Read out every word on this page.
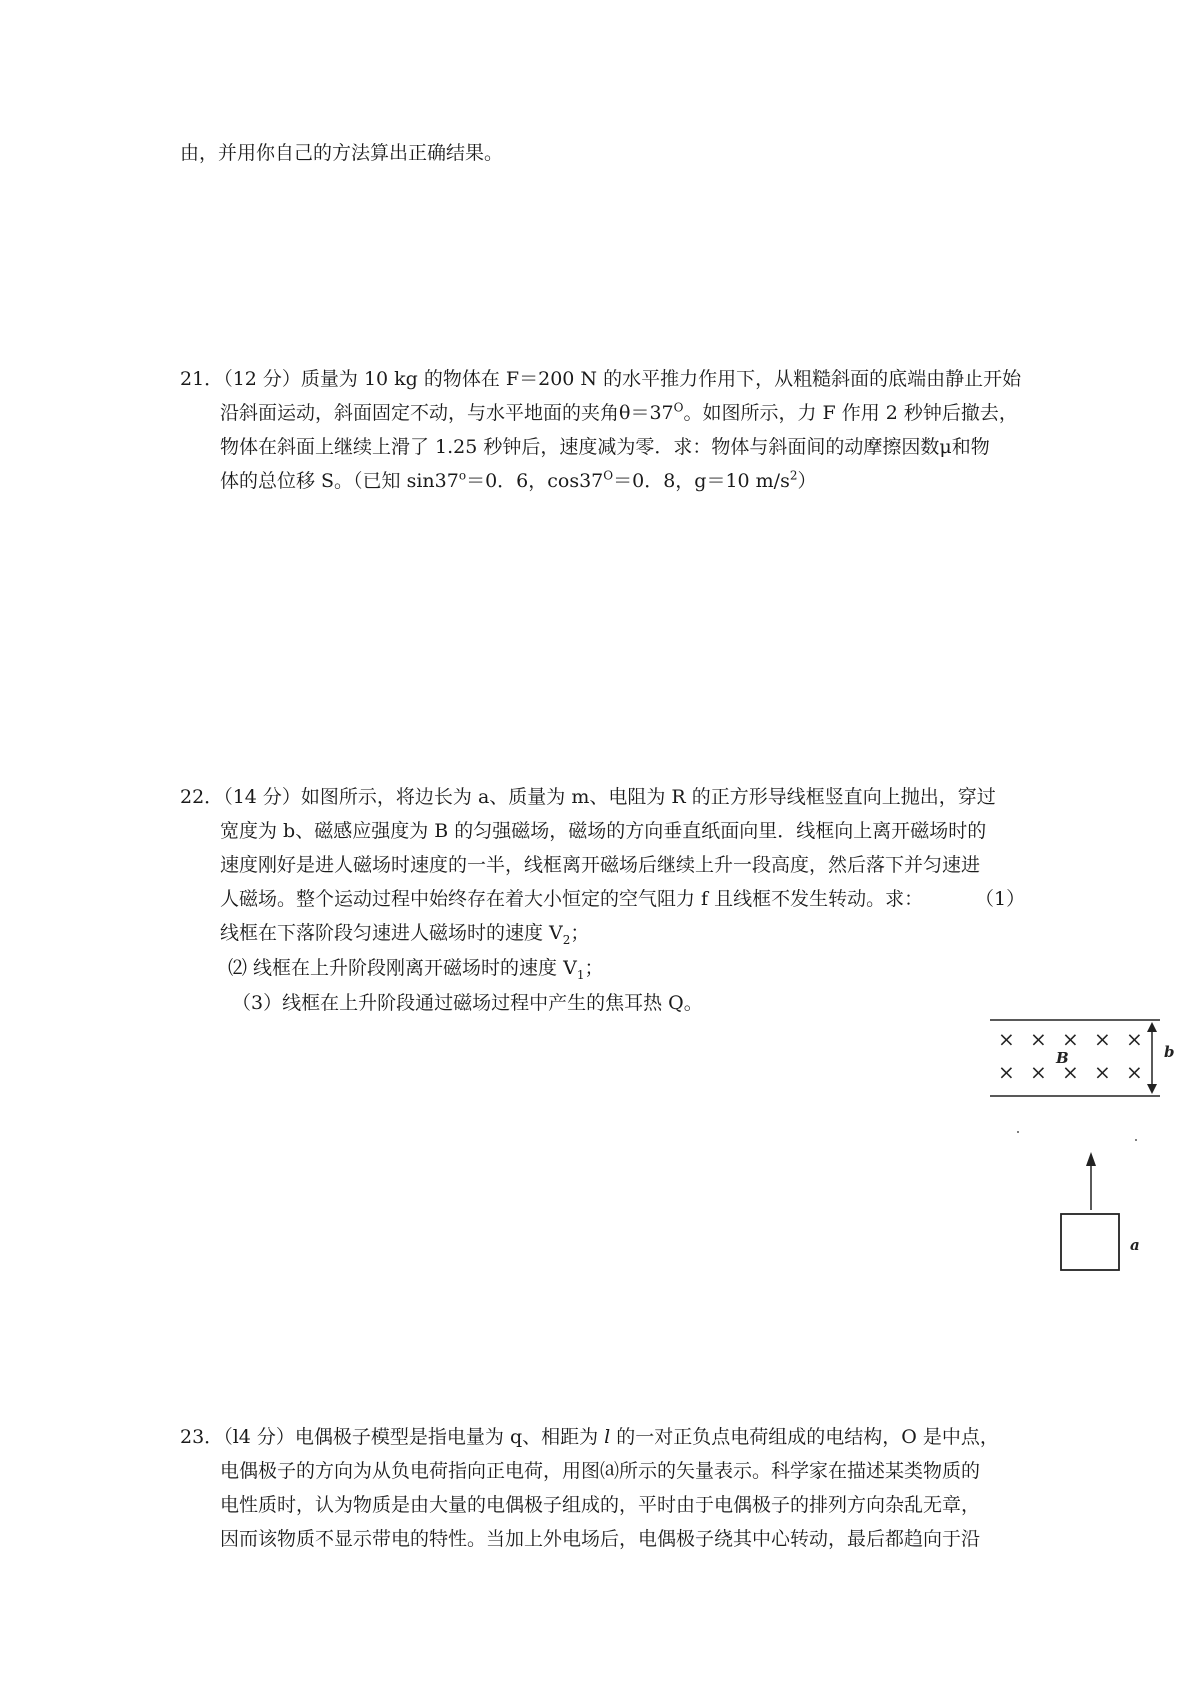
由，并用你自己的方法算出正确结果。

21．（12 分）质量为 10 kg 的物体在 F＝200 N 的水平推力作用下，从粗糙斜面的底端由静止开始

沿斜面运动，斜面固定不动，与水平地面的夹角$\theta=37^O$。如图所示，力 F 作用 2 秒钟后撤去，

物体在斜面上继续上滑了 1.25 秒钟后，速度减为零．求：物体与斜面间的动摩擦因数μ和物

体的总位移 S。（已知 $\sin 37^o=0$．6，$\cos 37^O=0$．8，g＝10 $m/s^2$）

22．（14 分）如图所示，将边长为 a、质量为 m、电阻为 R 的正方形导线框竖直向上抛出，穿过

宽度为 b、磁感应强度为 B 的匀强磁场，磁场的方向垂直纸面向里．线框向上离开磁场时的

速度刚好是进人磁场时速度的一半，线框离开磁场后继续上升一段高度，然后落下并匀速进

人磁场。整个运动过程中始终存在着大小恒定的空气阻力 f 且线框不发生转动。求：	（1）

线框在下落阶段匀速进人磁场时的速度 $V_2$；

⑵ 线框在上升阶段刚离开磁场时的速度 $V_1$；

（3）线框在上升阶段通过磁场过程中产生的焦耳热 Q。

× × × × ×
× × × × ×
B	b
a

23．（l4 分）电偶极子模型是指电量为 q、相距为 l 的一对正负点电荷组成的电结构，O 是中点，

电偶极子的方向为从负电荷指向正电荷，用图⒜所示的矢量表示。科学家在描述某类物质的

电性质时，认为物质是由大量的电偶极子组成的，平时由于电偶极子的排列方向杂乱无章，

因而该物质不显示带电的特性。当加上外电场后，电偶极子绕其中心转动，最后都趋向于沿
